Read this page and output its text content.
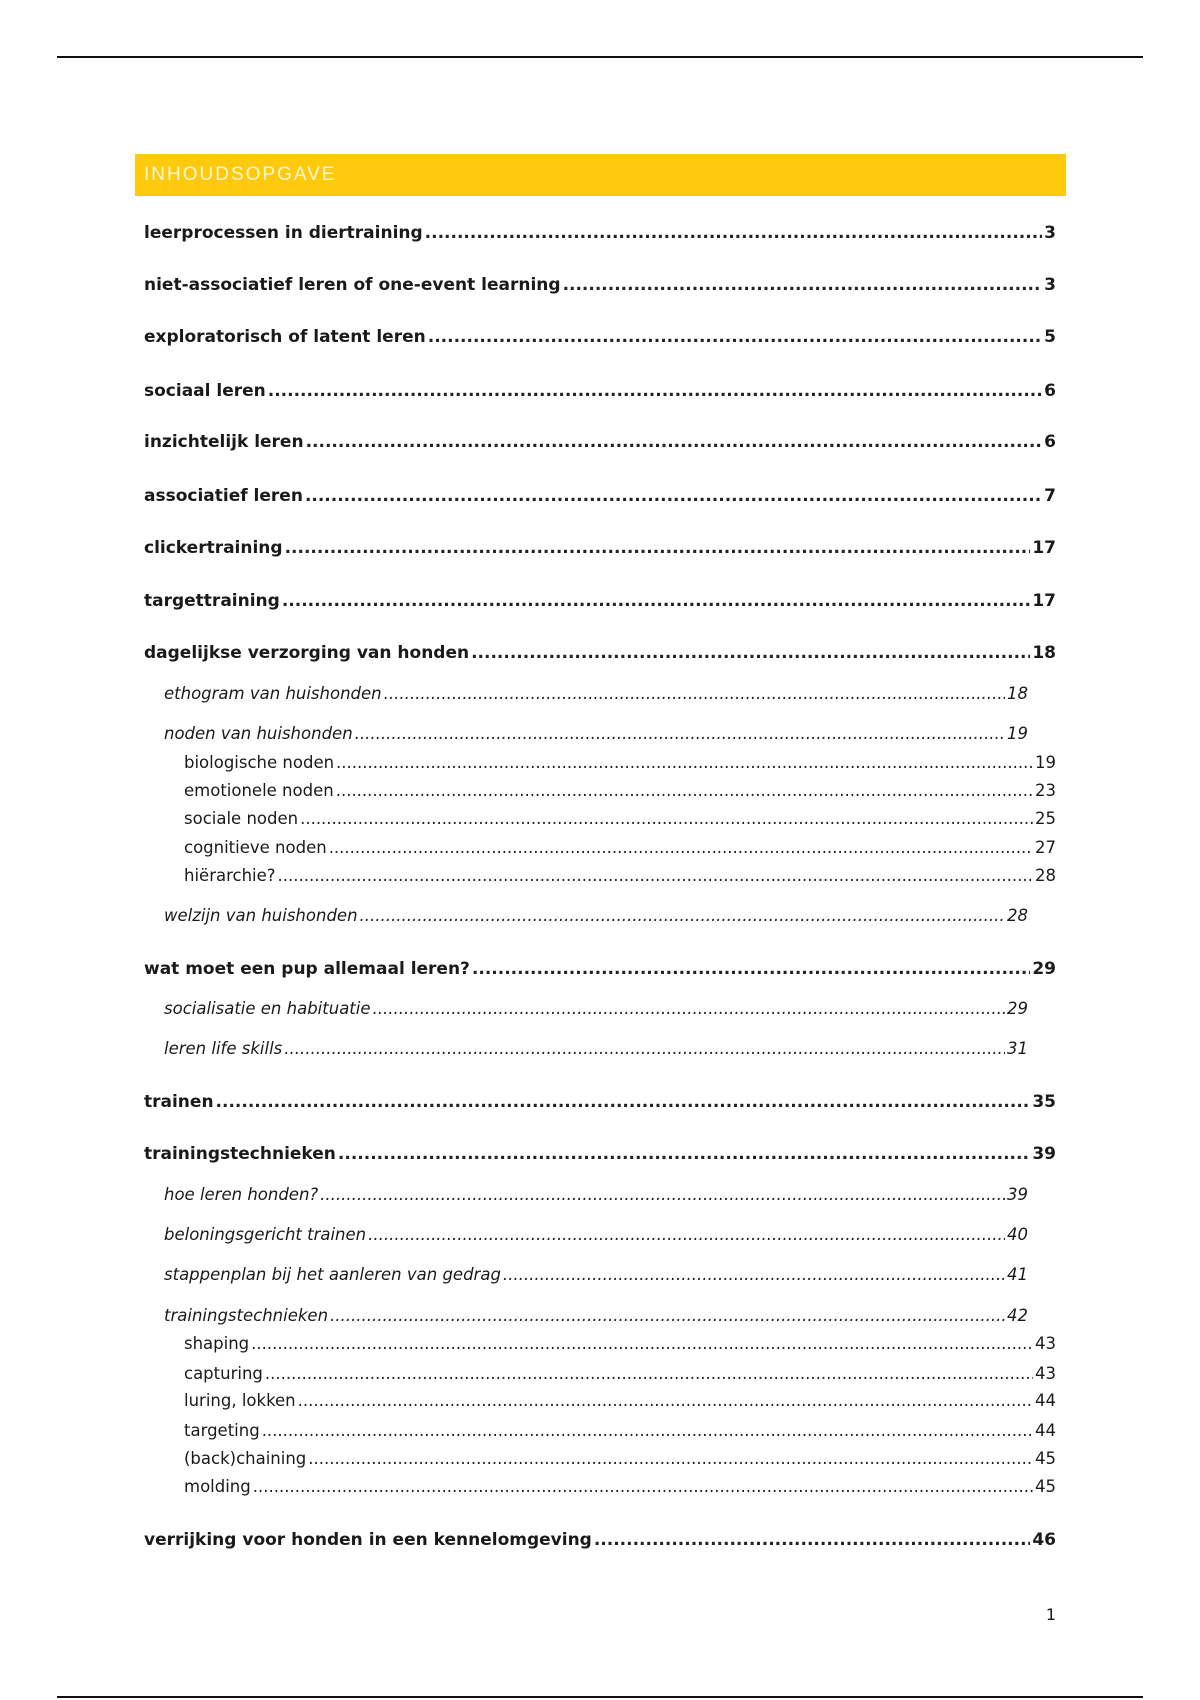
INHOUDSOPGAVE
leerprocessen in diertraining .....	3
niet-associatief leren of one-event learning .....	3
exploratorisch of latent leren .....	5
sociaal leren .....	6
inzichtelijk leren .....	6
associatief leren .....	7
clickertraining .....	17
targettraining .....	17
dagelijkse verzorging van honden .....	18
ethogram van huishonden .....	18
noden van huishonden .....	19
biologische noden .....	19
emotionele noden .....	23
sociale noden .....	25
cognitieve noden .....	27
hiërarchie? .....	28
welzijn van huishonden .....	28
wat moet een pup allemaal leren? .....	29
socialisatie en habituatie .....	29
leren life skills .....	31
trainen .....	35
trainingstechnieken .....	39
hoe leren honden? .....	39
beloningsgericht trainen .....	40
stappenplan bij het aanleren van gedrag .....	41
trainingstechnieken .....	42
shaping .....	43
capturing .....	43
luring, lokken .....	44
targeting .....	44
(back)chaining .....	45
molding .....	45
verrijking voor honden in een kennelomgeving .....	46
1
